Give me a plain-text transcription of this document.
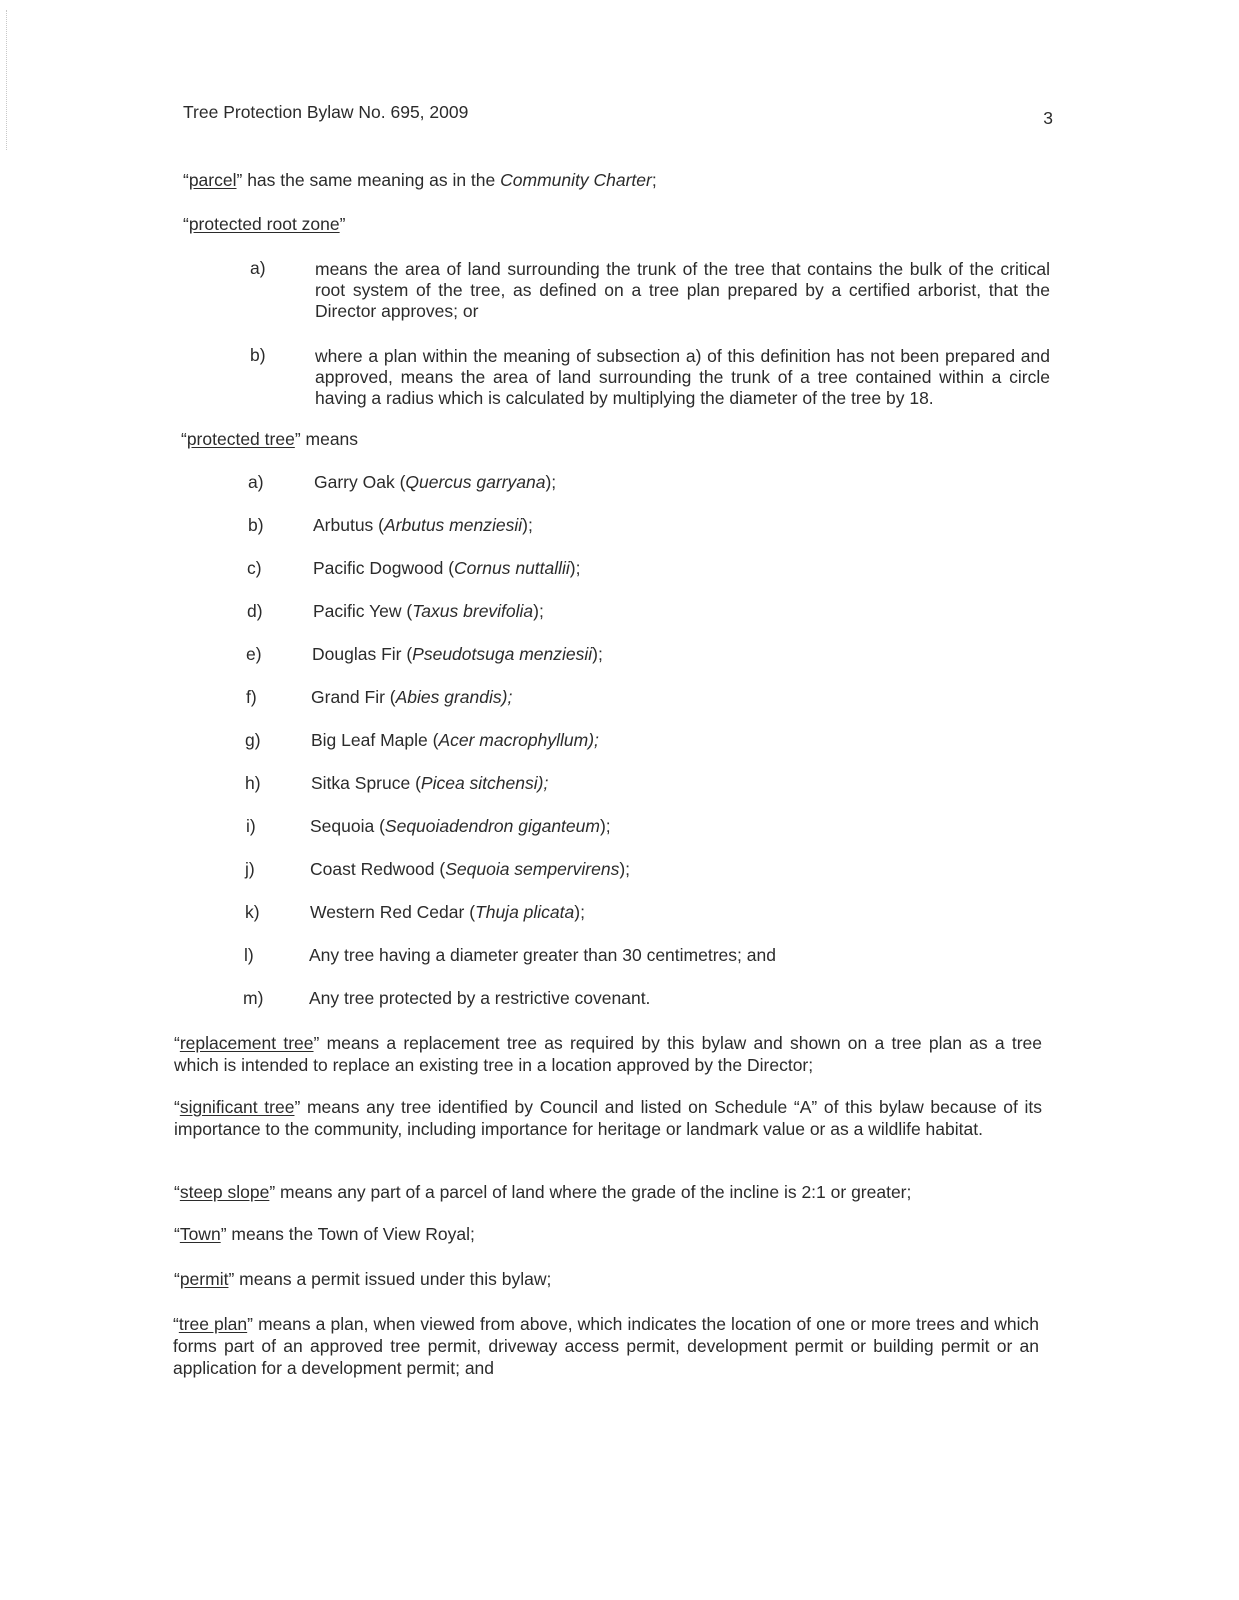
Tree Protection Bylaw No. 695, 2009	3
“parcel” has the same meaning as in the Community Charter;
“protected root zone”
a)	means the area of land surrounding the trunk of the tree that contains the bulk of the critical root system of the tree, as defined on a tree plan prepared by a certified arborist, that the Director approves; or
b)	where a plan within the meaning of subsection a) of this definition has not been prepared and approved, means the area of land surrounding the trunk of a tree contained within a circle having a radius which is calculated by multiplying the diameter of the tree by 18.
“protected tree” means
a)	Garry Oak (Quercus garryana);
b)	Arbutus (Arbutus menziesii);
c)	Pacific Dogwood (Cornus nuttallii);
d)	Pacific Yew (Taxus brevifolia);
e)	Douglas Fir (Pseudotsuga menziesii);
f)	Grand Fir (Abies grandis);
g)	Big Leaf Maple (Acer macrophyllum);
h)	Sitka Spruce (Picea sitchensi);
i)	Sequoia (Sequoiadendron giganteum);
j)	Coast Redwood (Sequoia sempervirens);
k)	Western Red Cedar (Thuja plicata);
l)	Any tree having a diameter greater than 30 centimetres; and
m)	Any tree protected by a restrictive covenant.
“replacement tree” means a replacement tree as required by this bylaw and shown on a tree plan as a tree which is intended to replace an existing tree in a location approved by the Director;
“significant tree” means any tree identified by Council and listed on Schedule “A” of this bylaw because of its importance to the community, including importance for heritage or landmark value or as a wildlife habitat.
“steep slope” means any part of a parcel of land where the grade of the incline is 2:1 or greater;
“Town” means the Town of View Royal;
“permit” means a permit issued under this bylaw;
“tree plan” means a plan, when viewed from above, which indicates the location of one or more trees and which forms part of an approved tree permit, driveway access permit, development permit or building permit or an application for a development permit; and
